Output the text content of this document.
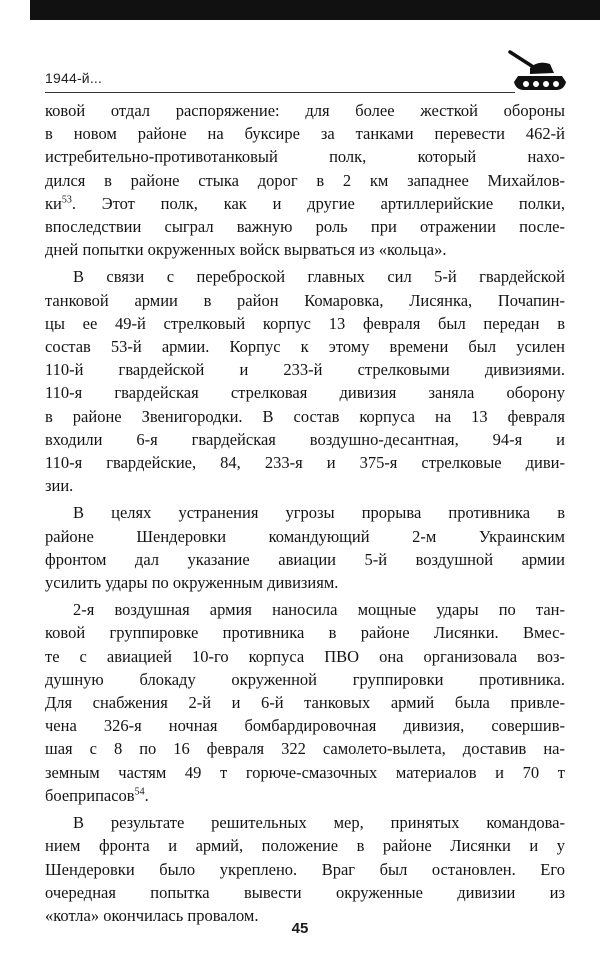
1944-й...

ковой отдал распоряжение: для более жесткой обороны
в новом районе на буксире за танками перевести 462-й
истребительно-противотанковый полк, который нахо-
дился в районе стыка дорог в 2 км западнее Михайлов-
$ки^{53}$. Этот полк, как и другие артиллерийские полки,
впоследствии сыграл важную роль при отражении после-
дней попытки окруженных войск вырваться из «кольца».

В связи с переброской главных сил 5-й гвардейской
танковой армии в район Комаровка, Лисянка, Почапин-
цы ее 49-й стрелковый корпус 13 февраля был передан в
состав 53-й армии. Корпус к этому времени был усилен
110-й гвардейской и 233-й стрелковыми дивизиями.
110-я гвардейская стрелковая дивизия заняла оборону
в районе Звенигородки. В состав корпуса на 13 февраля
входили 6-я гвардейская воздушно-десантная, 94-я и
110-я гвардейские, 84, 233-я и 375-я стрелковые диви-
зии.

В целях устранения угрозы прорыва противника в
районе Шендеровки командующий 2-м Украинским
фронтом дал указание авиации 5-й воздушной армии
усилить удары по окруженным дивизиям.

2-я воздушная армия наносила мощные удары по тан-
ковой группировке противника в районе Лисянки. Вмес-
те с авиацией 10-го корпуса ПВО она организовала воз-
душную блокаду окруженной группировки противника.
Для снабжения 2-й и 6-й танковых армий была привле-
чена 326-я ночная бомбардировочная дивизия, совершив-
шая с 8 по 16 февраля 322 самолето-вылета, доставив на-
земным частям 49 т горюче-смазочных материалов и 70 т
боеприпасов$^{54}$.

В результате решительных мер, принятых командова-
нием фронта и армий, положение в районе Лисянки и у
Шендеровки было укреплено. Враг был остановлен. Его
очередная попытка вывести окруженные дивизии из
«котла» окончилась провалом.

45
